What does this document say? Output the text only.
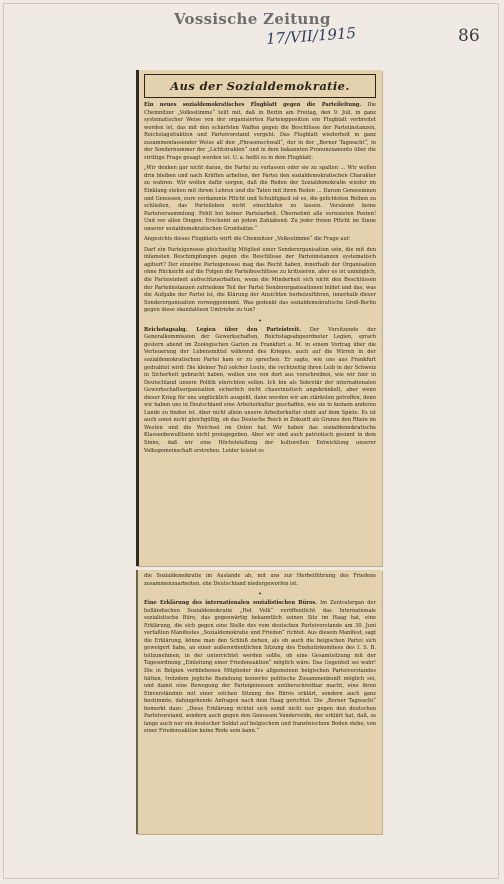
Vossische Zeitung
17/VII/1915	86
Aus der Sozialdemokratie.

Ein neues sozialdemokratisches Flugblatt gegen die Parteileitung. Die Chemnitzer „Volksstimme“ teilt mit, daß in Berlin am Freitag, den 9. Juli, in ganz systematischer Weise von der organisierten Parteiopposition ein Flugblatt verbreitet worden ist, das mit den schärfsten Waffen gegen die Beschlüsse der Parteiinstanzen, Reichstagsfraktion und Parteivorstand vorgeht. Das Flugblatt wiederholt in ganz zusammenfassender Weise all den „Phrasenschwall“, der in der „Berner Tagwacht“, in der Sondernummer der „Lichtstrahlen“ und in dem bekannten Pronunziamento über die strittige Frage gesagt worden ist. U. a. heißt es in dem Flugblatt:

„Wir denken gar nicht daran, die Partei zu verlassen oder sie zu spalten ... Wir wollen drin bleiben und nach Kräften arbeiten, der Partei den sozialdemokratischen Charakter zu wahren. Wir wollen dafür sorgen, daß die Reden der Sozialdemokratie wieder im Einklang stehen mit ihrem Lehren und die Taten mit ihren Reden ... Darum Genossinnen und Genossen, eure verdammte Pflicht und Schuldigkeit ist es, die gelichteten Reihen zu schließen, das Parteileben nicht einschlafen zu lassen. Versäumt keine Parteiversammlung. Fehlt bei keiner Parteiarbeit. Übernehmt alle verwaisten Posten! Und vor allen Dingen: Erscheint an jedem Zahlabend. Zu jeder freien Pflicht im Sinne unserer sozialdemokratischen Grundsätze.“

Angesichts dieses Flugblatts wirft die Chemnitzer „Volksstimme“ die Frage auf:

Darf ein Parteigenosse gleichzeitig Mitglied einer Sonderorganisation sein, die mit den infamsten Beschimpfungen gegen die Beschlüsse der Parteiinstanzen systematisch agitiert? Der einzelne Parteigenosse mag das Recht haben, innerhalb der Organisation ohne Rücksicht auf die Folgen die Parteibeschlüsse zu kritisieren, aber es ist unmöglich, die Parteieinheit aufrechtzuerhalten, wenn die Minderheit sich nicht den Beschlüssen der Parteiinstanzen zufriedene Teil der Partei Sonderorganisationen bildet und das, was die Aufgabe der Partei ist, die Klärung der Ansichten herbeizuführen, innerhalb dieser Sonderorganisation vorweggenimmt. Was gedenkt das sozialdemokratische Groß-Berlin gegen diese skandalösen Umtriebe zu tun?

•

Reichstagsabg. Legien über den Parteistreit. Der Vorsitzende der Generalkommission der Gewerkschaften, Reichstagsabgeordneter Legien, sprach gestern abend im Zoologischen Garten zu Frankfurt a. M. in einem Vortrag über die Verteuerung der Lebensmittel während des Krieges, auch auf die Wirren in der sozialdemokratischen Partei kam er zu sprechen. Er sagte, wie uns aus Frankfurt gedrahtet wird: Die kleiner Teil solcher Leute, die rechtzeitig ihren Leib in der Schweiz in Sicherheit gebracht haben, wollen uns von dort aus vorschreiben, wie wir hier in Deutschland unsere Politik einrichten sollen. Ich bin als Sekretär der internationalen Gewerkschaftsorganisation sicherlich nicht chauvinistisch angekränkelt, aber wenn dieser Krieg für uns unglücklich ausgeht, dann werden wir am stärksten getroffen, denn wir haben uns in Deutschland eine Arbeiterkultur geschaffen, wie sie in keinem anderen Lande zu finden ist. Aber nicht allein unsere Arbeiterkultur steht auf dem Spiele. Es ist auch sonst nicht gleichgültig, ob das Deutsche Reich in Zukunft als Grenze den Rhein im Westen und die Weichsel im Osten hat. Wir haben das sozialdemokratische Klassenbewußtsein nicht preisgegeben. Aber wir sind auch patriotisch gesinnt in dem Sinne, daß wir eine Höchststellung der kulturellen Entwicklung unserer Volksgemeinschaft erstreben. Leider leistet es

die Sozialdemokratie im Auslande ab, mit uns zur Herbeiführung des Friedens zusammenzuarbeiten, ehe Deutschland niedergeworfen ist.

•

Eine Erklärung des internationalen sozialistischen Büros. Im Zentralorgan der holländischen Sozialdemokratie „Het Volk“ veröffentlicht das Internationale sozialistische Büro, das gegenwärtig bekanntlich seinen Sitz im Haag hat, eine Erklärung, die sich gegen eine Stelle des vom deutschen Parteivorstande am 30. Juni verfaßten Manifestes „Sozialdemokratie und Frieden“ richtet. Aus diesem Manifest, sagt die Erklärung, könne man den Schluß ziehen, als ob auch die belgischen Partei sich geweigert habe, an einer außerordentlichen Sitzung des Exekutivkomitees des I. S. B. teilzunehmen, in der unterrichtet werden sollte, ob eine Gesamtsitzung mit der Tagesordnung „Einleitung einer Friedensaktion“ möglich wäre. Das Gegenteil sei wahr! Die in Belgien verbliebenen Mitglieder des allgemeinen belgischen Parteivorstandes hätten, trotzdem jegliche Beziehung keinerlei politische Zusammenkunft möglich sei, und damit eine Bewegung der Parteigenossen unüberschreitbar macht, eine ihren Einverständnis mit einer solchen Sitzung des Büros erklärt, sondern auch ganz bestimmte, dahingehende Anfragen nach dem Haag gerichtet. Die „Berner Tagwacht“ bemerkt dazu: „Diese Erklärung richtet sich somit nicht nur gegen den deutschen Parteivorstand, sondern auch gegen den Genossen Vandervelde, der erklärt hat, daß, so lange auch nur ein deutscher Soldat auf belgischem und französischem Boden stehe, von einer Friedensaktion keine Rede sein kann.“
